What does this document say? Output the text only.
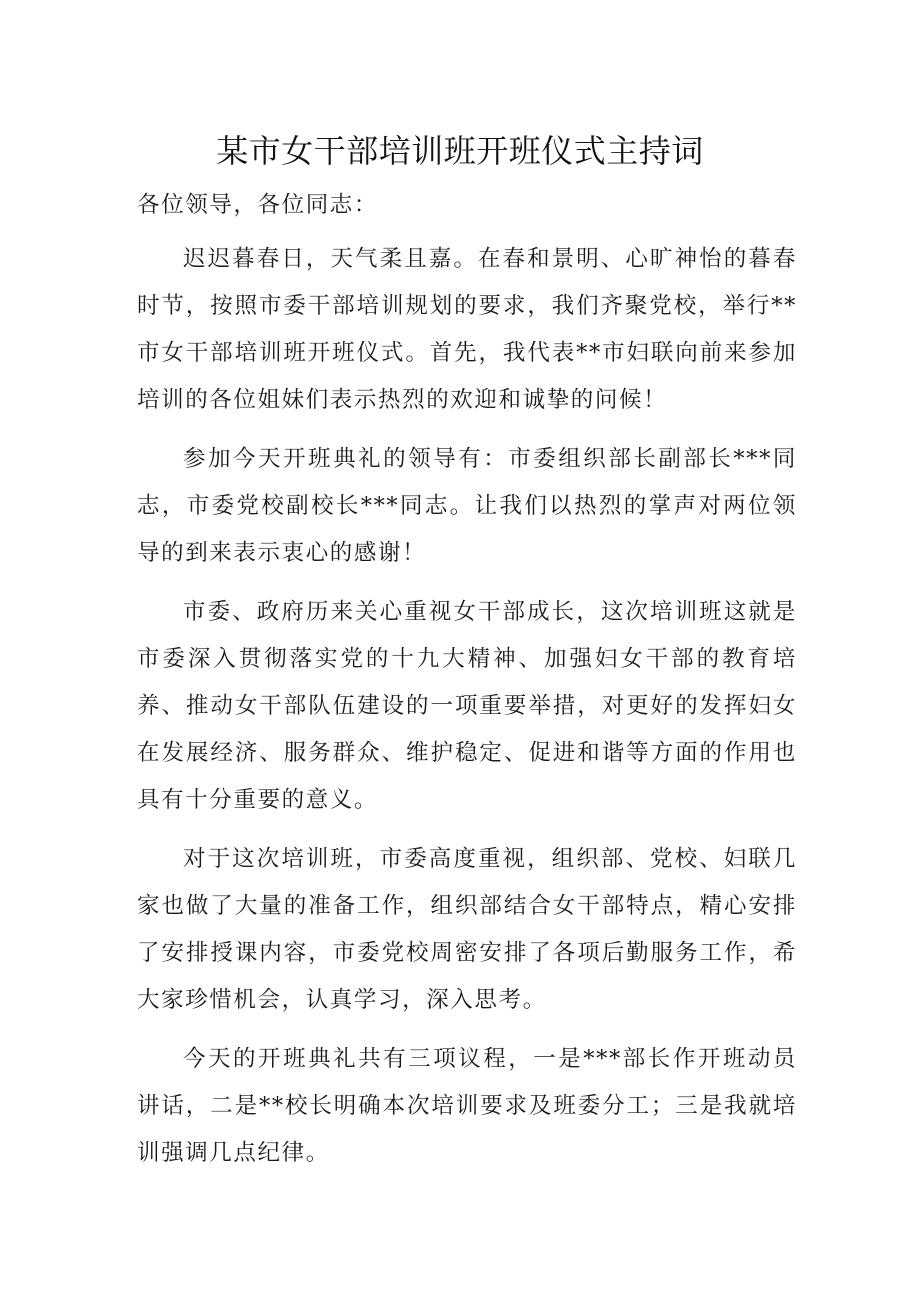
某市女干部培训班开班仪式主持词
各位领导，各位同志：

迟迟暮春日，天气柔且嘉。在春和景明、心旷神怡的暮春时节，按照市委干部培训规划的要求，我们齐聚党校，举行**市女干部培训班开班仪式。首先，我代表**市妇联向前来参加培训的各位姐妹们表示热烈的欢迎和诚挚的问候！

参加今天开班典礼的领导有：市委组织部长副部长***同志，市委党校副校长***同志。让我们以热烈的掌声对两位领导的到来表示衷心的感谢！

市委、政府历来关心重视女干部成长，这次培训班这就是市委深入贯彻落实党的十九大精神、加强妇女干部的教育培养、推动女干部队伍建设的一项重要举措，对更好的发挥妇女在发展经济、服务群众、维护稳定、促进和谐等方面的作用也具有十分重要的意义。

对于这次培训班，市委高度重视，组织部、党校、妇联几家也做了大量的准备工作，组织部结合女干部特点，精心安排了安排授课内容，市委党校周密安排了各项后勤服务工作，希大家珍惜机会，认真学习，深入思考。

今天的开班典礼共有三项议程，一是***部长作开班动员讲话，二是**校长明确本次培训要求及班委分工；三是我就培训强调几点纪律。
